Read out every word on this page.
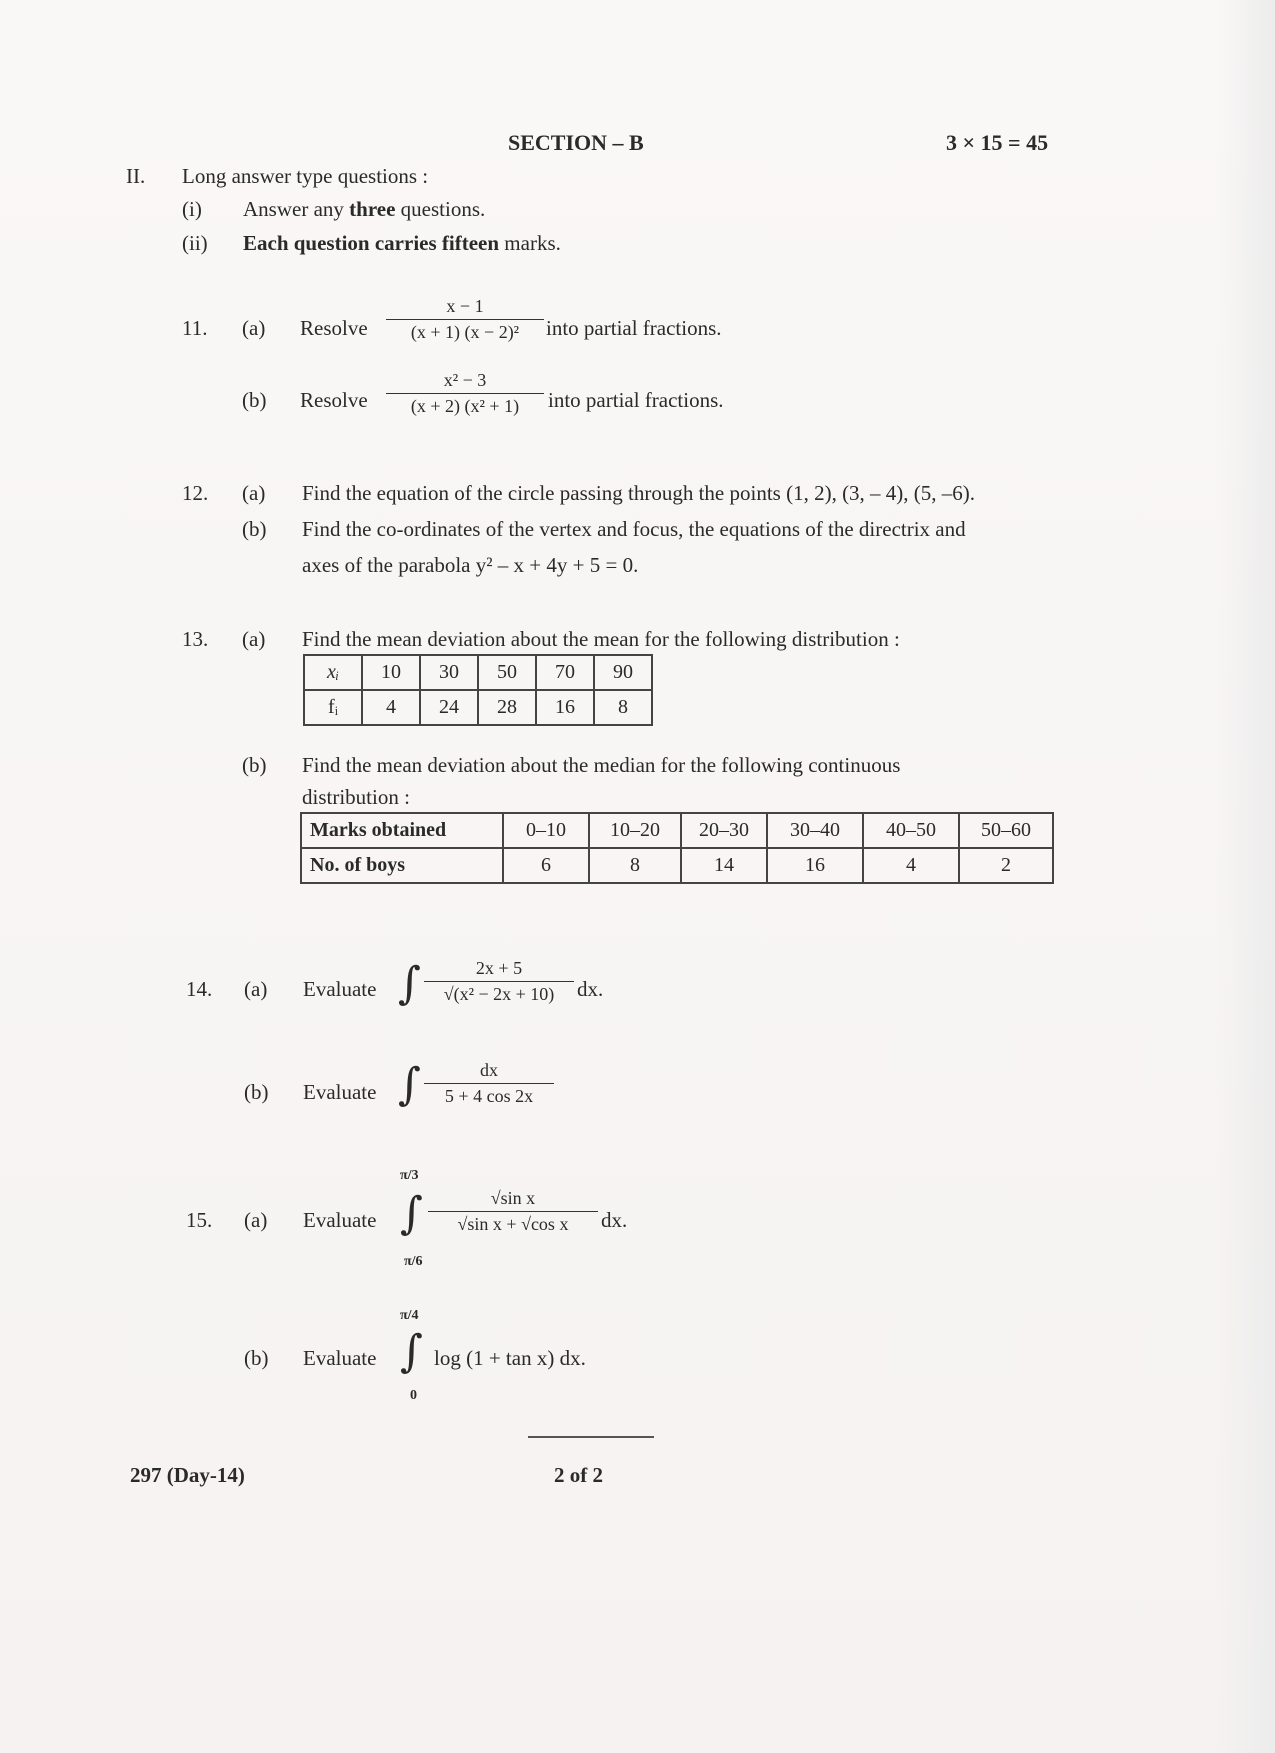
SECTION – B	3 × 15 = 45
II. Long answer type questions :
(i) Answer any three questions.
(ii) Each question carries fifteen marks.
11. (a) Resolve $\frac{x - 1}{\text{(x + 1) (x − 2)²}}$ into partial fractions.
(b) Resolve $\frac{\text{x² − 3}}{\text{(x + 2) (x² + 1)}}$ into partial fractions.
12. (a) Find the equation of the circle passing through the points (1, 2), (3, – 4), (5, –6).
(b) Find the co-ordinates of the vertex and focus, the equations of the directrix and
axes of the parabola y² – x + 4y + 5 = 0.
13. (a) Find the mean deviation about the mean for the following distribution :
xᵢ	10	30	50	70	90
fᵢ	4	24	28	16	8
(b) Find the mean deviation about the median for the following continuous
distribution :
Marks obtained	0–10	10–20	20–30	30–40	40–50	50–60
No. of boys	6	8	14	16	4	2
14. (a) Evaluate ∫ $\frac{2x + 5}{\text{√(x² − 2x + 10)}}$ dx.
(b) Evaluate ∫ $\frac{dx}{5 + 4 \cos 2x}$
15. (a) Evaluate
π/3
∫
π/6
$\frac{\text{√sin x}}{\text{√sin x + √cos x}}$ dx.
(b) Evaluate
π/4
∫
0
log (1 + tan x) dx.
297 (Day-14)	2 of 2
